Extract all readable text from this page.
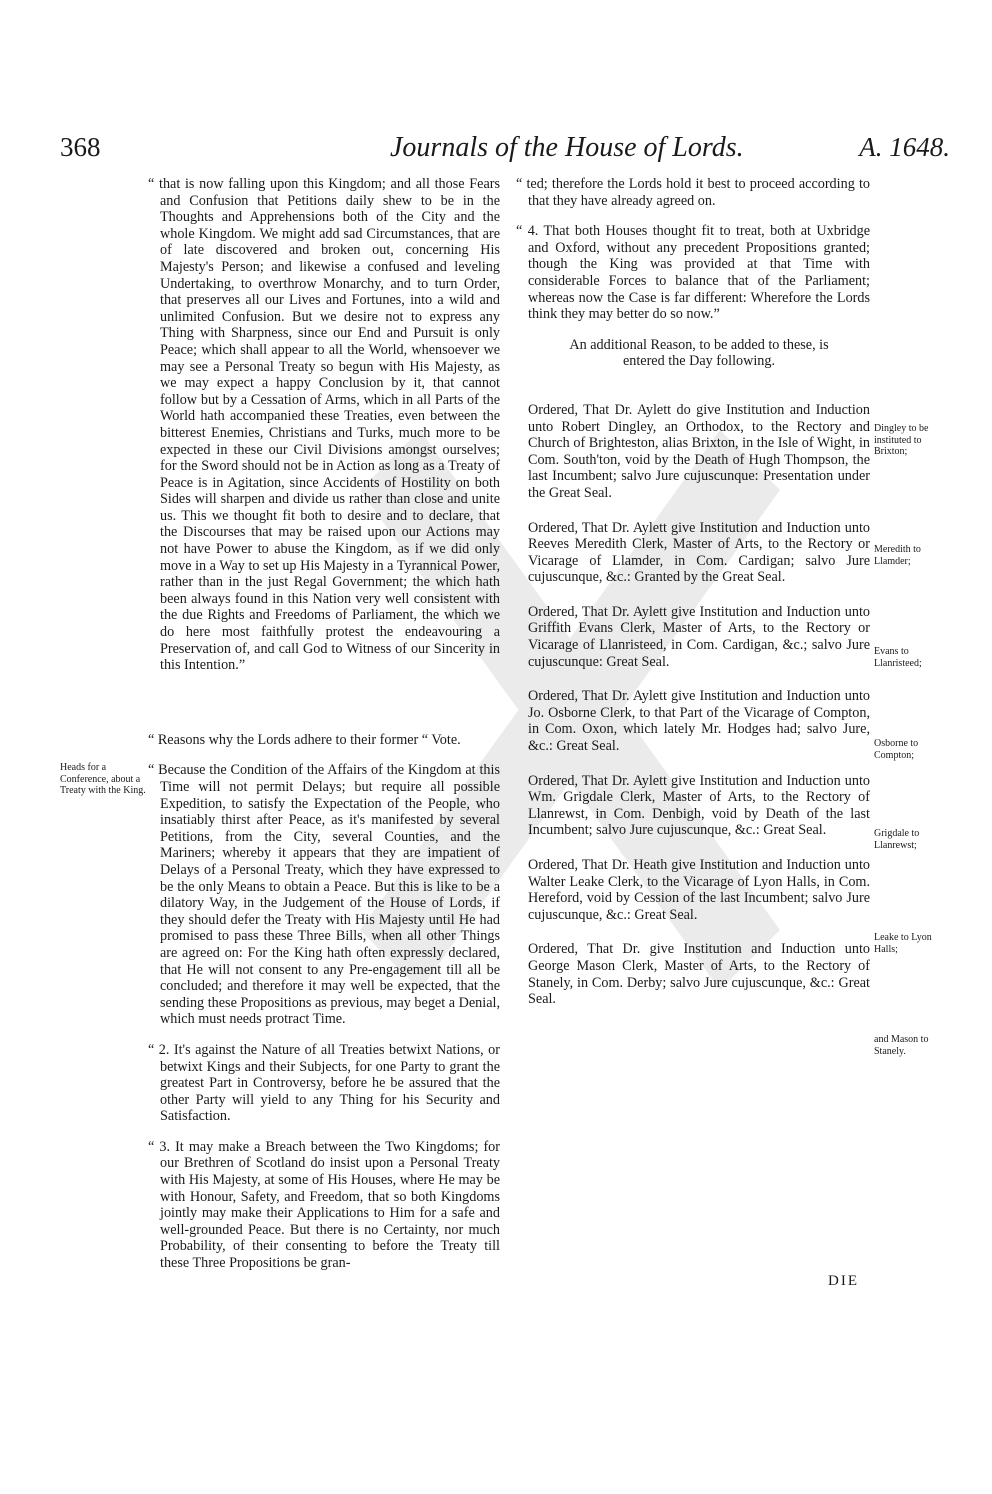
368	Journals of the House of Lords.	A. 1648.

“ that is now falling upon this Kingdom; and all those Fears and Confusion that Petitions daily shew to be in the Thoughts and Apprehensions both of the City and the whole Kingdom. We might add sad Circumstances, that are of late discovered and broken out, concerning His Majesty's Person; and likewise a confused and leveling Undertaking, to overthrow Monarchy, and to turn Order, that preserves all our Lives and Fortunes, into a wild and unlimited Confusion. But we desire not to express any Thing with Sharpness, since our End and Pursuit is only Peace; which shall appear to all the World, whensoever we may see a Personal Treaty so begun with His Majesty, as we may expect a happy Conclusion by it, that cannot follow but by a Cessation of Arms, which in all Parts of the World hath accompanied these Treaties, even between the bitterest Enemies, Christians and Turks, much more to be expected in these our Civil Divisions amongst ourselves; for the Sword should not be in Action as long as a Treaty of Peace is in Agitation, since Accidents of Hostility on both Sides will sharpen and divide us rather than close and unite us. This we thought fit both to desire and to declare, that the Discourses that may be raised upon our Actions may not have Power to abuse the Kingdom, as if we did only move in a Way to set up His Majesty in a Tyrannical Power, rather than in the just Regal Government; the which hath been always found in this Nation very well consistent with the due Rights and Freedoms of Parliament, the which we do here most faithfully protest the endeavouring a Preservation of, and call God to Witness of our Sincerity in this Intention.”

“ Reasons why the Lords adhere to their former “ Vote.

“ Because the Condition of the Affairs of the Kingdom at this Time will not permit Delays; but require all possible Expedition, to satisfy the Expectation of the People, who insatiably thirst after Peace, as it's manifested by several Petitions, from the City, several Counties, and the Mariners; whereby it appears that they are impatient of Delays of a Personal Treaty, which they have expressed to be the only Means to obtain a Peace. But this is like to be a dilatory Way, in the Judgement of the House of Lords, if they should defer the Treaty with His Majesty until He had promised to pass these Three Bills, when all other Things are agreed on: For the King hath often expressly declared, that He will not consent to any Pre-engagement till all be concluded; and therefore it may well be expected, that the sending these Propositions as previous, may beget a Denial, which must needs protract Time.

“ 2. It's against the Nature of all Treaties betwixt Nations, or betwixt Kings and their Subjects, for one Party to grant the greatest Part in Controversy, before he be assured that the other Party will yield to any Thing for his Security and Satisfaction.

“ 3. It may make a Breach between the Two Kingdoms; for our Brethren of Scotland do insist upon a Personal Treaty with His Majesty, at some of His Houses, where He may be with Honour, Safety, and Freedom, that so both Kingdoms jointly may make their Applications to Him for a safe and well-grounded Peace. But there is no Certainty, nor much Probability, of their consenting to before the Treaty till these Three Propositions be gran-

Heads for a Conference, about a Treaty with the King.

“ ted; therefore the Lords hold it best to proceed according to that they have already agreed on.

“ 4. That both Houses thought fit to treat, both at Uxbridge and Oxford, without any precedent Propositions granted; though the King was provided at that Time with considerable Forces to balance that of the Parliament; whereas now the Case is far different: Wherefore the Lords think they may better do so now.”

An additional Reason, to be added to these, is entered the Day following.

Ordered, That Dr. Aylett do give Institution and Induction unto Robert Dingley, an Orthodox, to the Rectory and Church of Brighteston, alias Brixton, in the Isle of Wight, in Com. South'ton, void by the Death of Hugh Thompson, the last Incumbent; salvo Jure cujuscunque: Presentation under the Great Seal.

Ordered, That Dr. Aylett give Institution and Induction unto Reeves Meredith Clerk, Master of Arts, to the Rectory or Vicarage of Llamder, in Com. Cardigan; salvo Jure cujuscunque, &c.: Granted by the Great Seal.

Ordered, That Dr. Aylett give Institution and Induction unto Griffith Evans Clerk, Master of Arts, to the Rectory or Vicarage of Llanristeed, in Com. Cardigan, &c.; salvo Jure cujuscunque: Great Seal.

Ordered, That Dr. Aylett give Institution and Induction unto Jo. Osborne Clerk, to that Part of the Vicarage of Compton, in Com. Oxon, which lately Mr. Hodges had; salvo Jure, &c.: Great Seal.

Ordered, That Dr. Aylett give Institution and Induction unto Wm. Grigdale Clerk, Master of Arts, to the Rectory of Llanrewst, in Com. Denbigh, void by Death of the last Incumbent; salvo Jure cujuscunque, &c.: Great Seal.

Ordered, That Dr. Heath give Institution and Induction unto Walter Leake Clerk, to the Vicarage of Lyon Halls, in Com. Hereford, void by Cession of the last Incumbent; salvo Jure cujuscunque, &c.: Great Seal.

Ordered, That Dr. give Institution and Induction unto George Mason Clerk, Master of Arts, to the Rectory of Stanely, in Com. Derby; salvo Jure cujuscunque, &c.: Great Seal.

Dingley to be instituted to Brixton;
Meredith to Llamder;
Evans to Llanristeed;
Osborne to Compton;
Grigdale to Llanrewst;
Leake to Lyon Halls;
and Mason to Stanely.
DIE
